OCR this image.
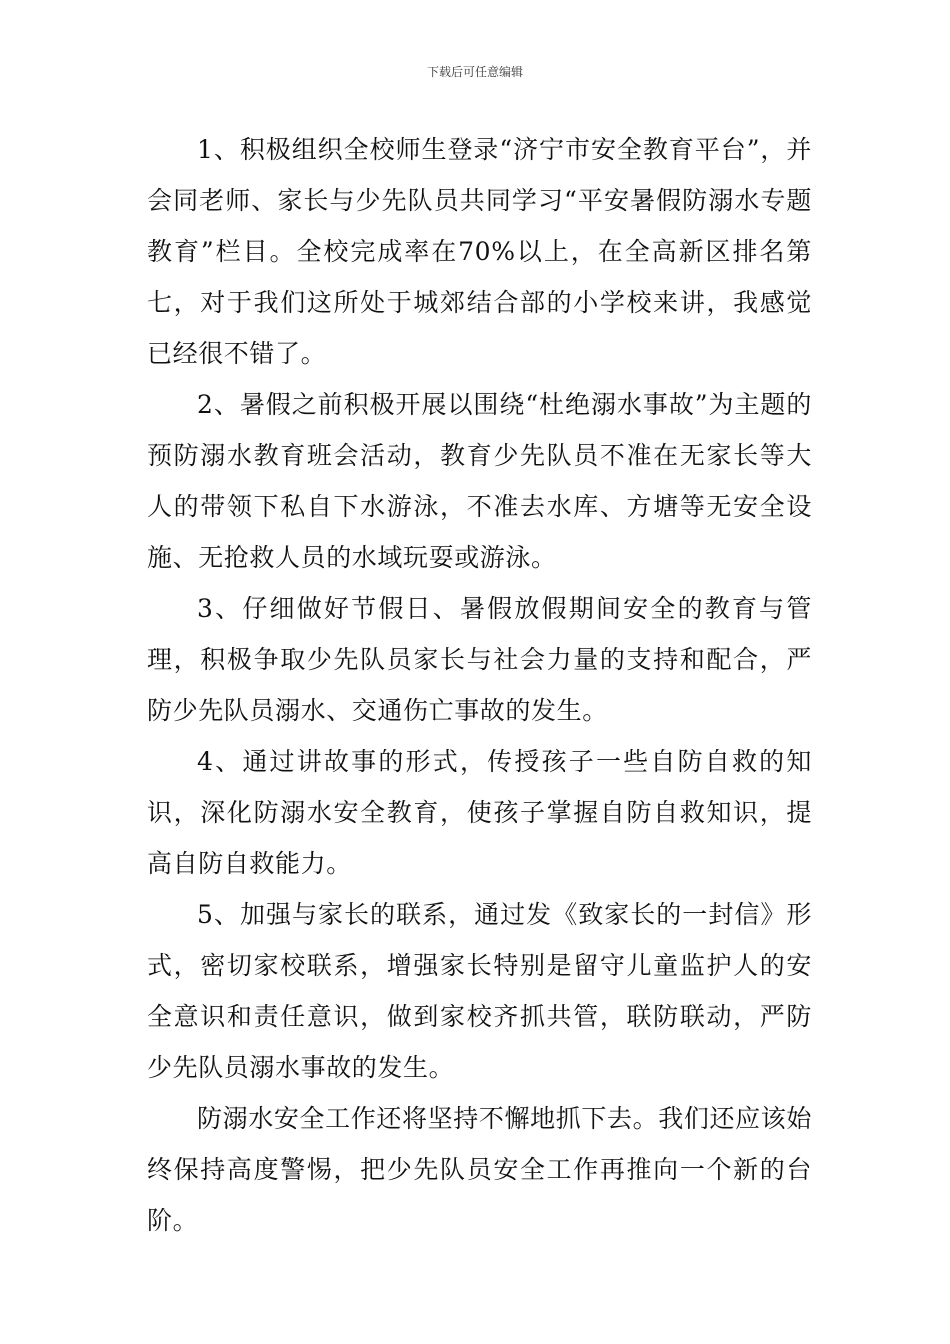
下载后可任意编辑

1、积极组织全校师生登录“济宁市安全教育平台”，并会同老师、家长与少先队员共同学习“平安暑假防溺水专题教育”栏目。全校完成率在70%以上，在全高新区排名第七，对于我们这所处于城郊结合部的小学校来讲，我感觉已经很不错了。

2、暑假之前积极开展以围绕“杜绝溺水事故”为主题的预防溺水教育班会活动，教育少先队员不准在无家长等大人的带领下私自下水游泳，不准去水库、方塘等无安全设施、无抢救人员的水域玩耍或游泳。

3、仔细做好节假日、暑假放假期间安全的教育与管理，积极争取少先队员家长与社会力量的支持和配合，严防少先队员溺水、交通伤亡事故的发生。

4、通过讲故事的形式，传授孩子一些自防自救的知识，深化防溺水安全教育，使孩子掌握自防自救知识，提高自防自救能力。

5、加强与家长的联系，通过发《致家长的一封信》形式，密切家校联系，增强家长特别是留守儿童监护人的安全意识和责任意识，做到家校齐抓共管，联防联动，严防少先队员溺水事故的发生。

防溺水安全工作还将坚持不懈地抓下去。我们还应该始终保持高度警惕，把少先队员安全工作再推向一个新的台阶。
